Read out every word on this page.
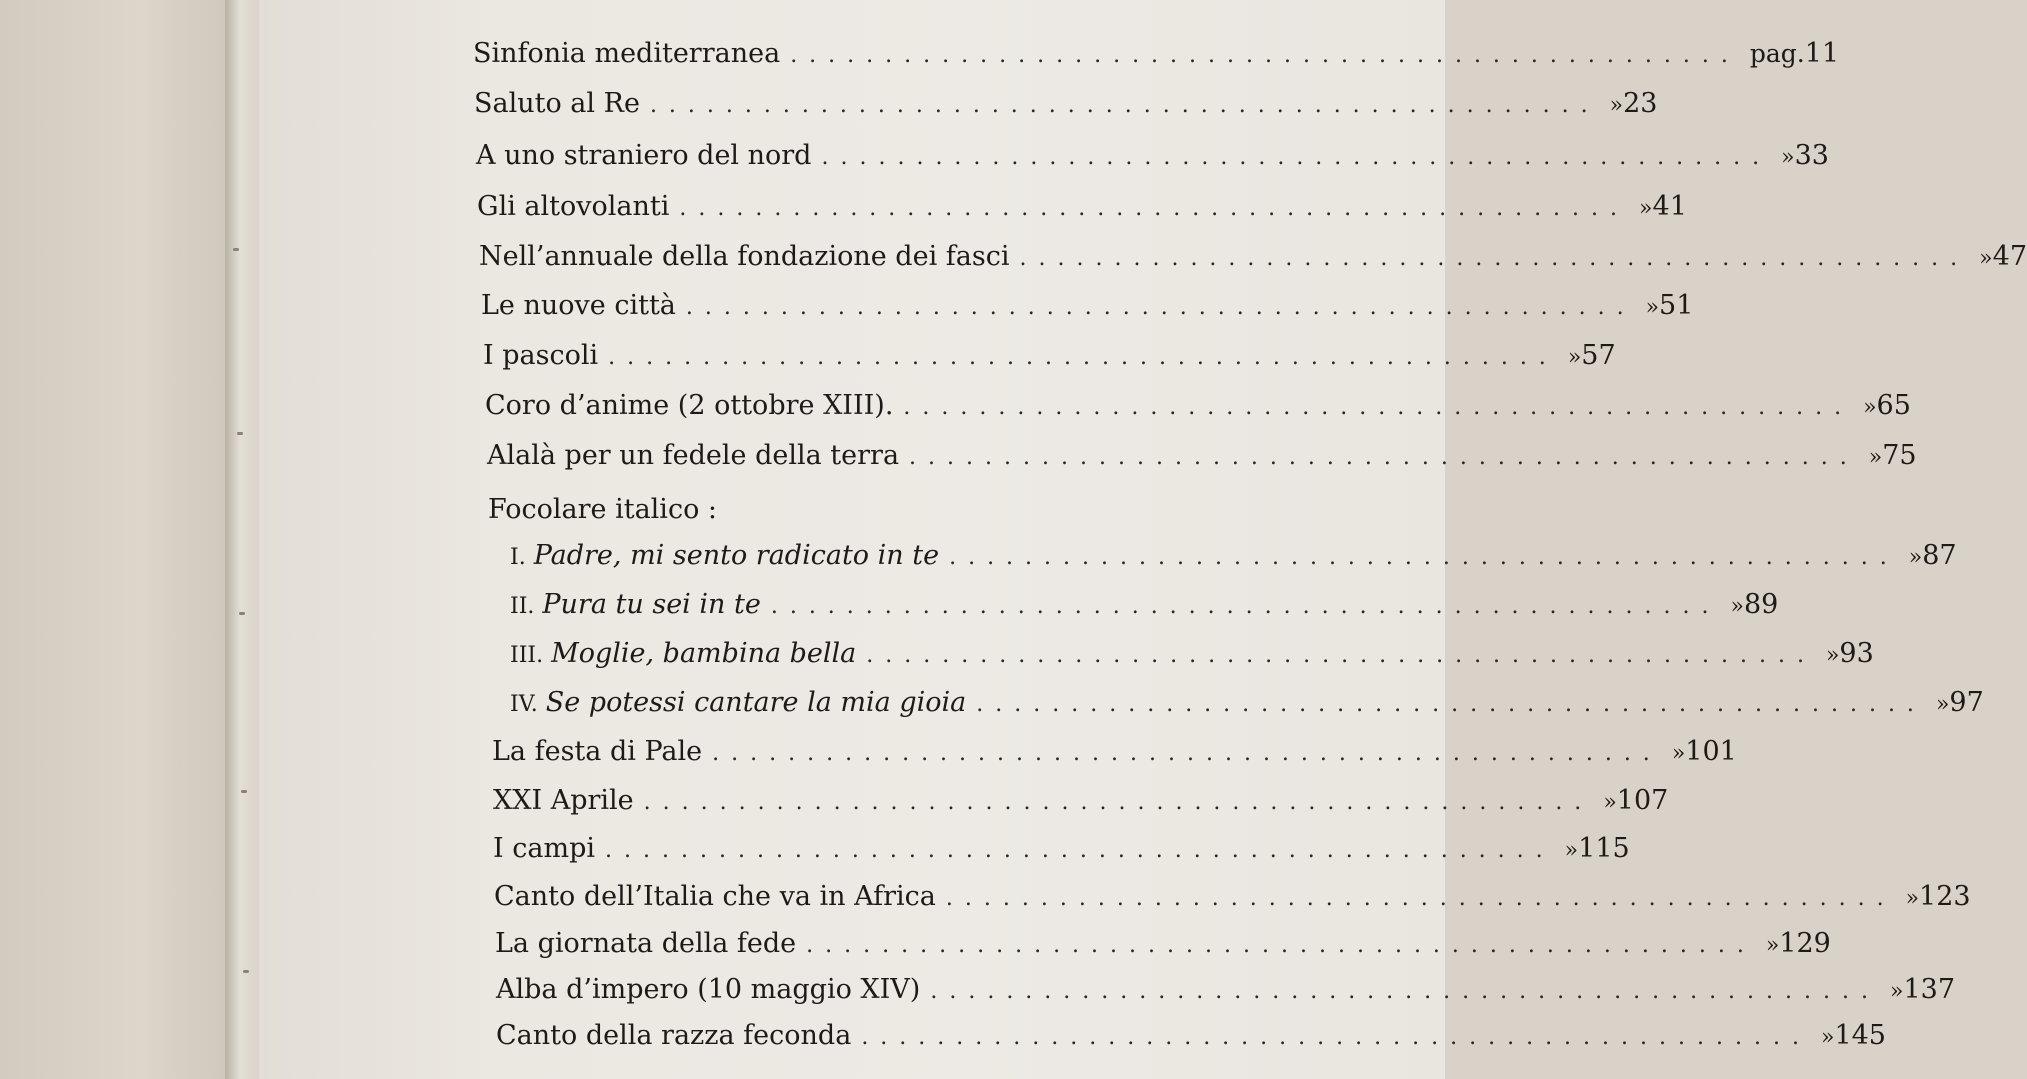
Sinfonia mediterranea .................................................. pag. 11
Saluto al Re .................................................. » 23
A uno straniero del nord .................................................. » 33
Gli altovolanti .................................................. » 41
Nell’annuale della fondazione dei fasci .................................................. » 47
Le nuove città .................................................. » 51
I pascoli .................................................. » 57
Coro d’anime (2 ottobre XIII). .................................................. » 65
Alalà per un fedele della terra .................................................. » 75
Focolare italico :
I. Padre, mi sento radicato in te .................................................. » 87
II. Pura tu sei in te .................................................. » 89
III. Moglie, bambina bella .................................................. » 93
IV. Se potessi cantare la mia gioia .................................................. » 97
La festa di Pale .................................................. » 101
XXI Aprile .................................................. » 107
I campi .................................................. » 115
Canto dell’Italia che va in Africa .................................................. » 123
La giornata della fede .................................................. » 129
Alba d’impero (10 maggio XIV) .................................................. » 137
Canto della razza feconda .................................................. » 145
